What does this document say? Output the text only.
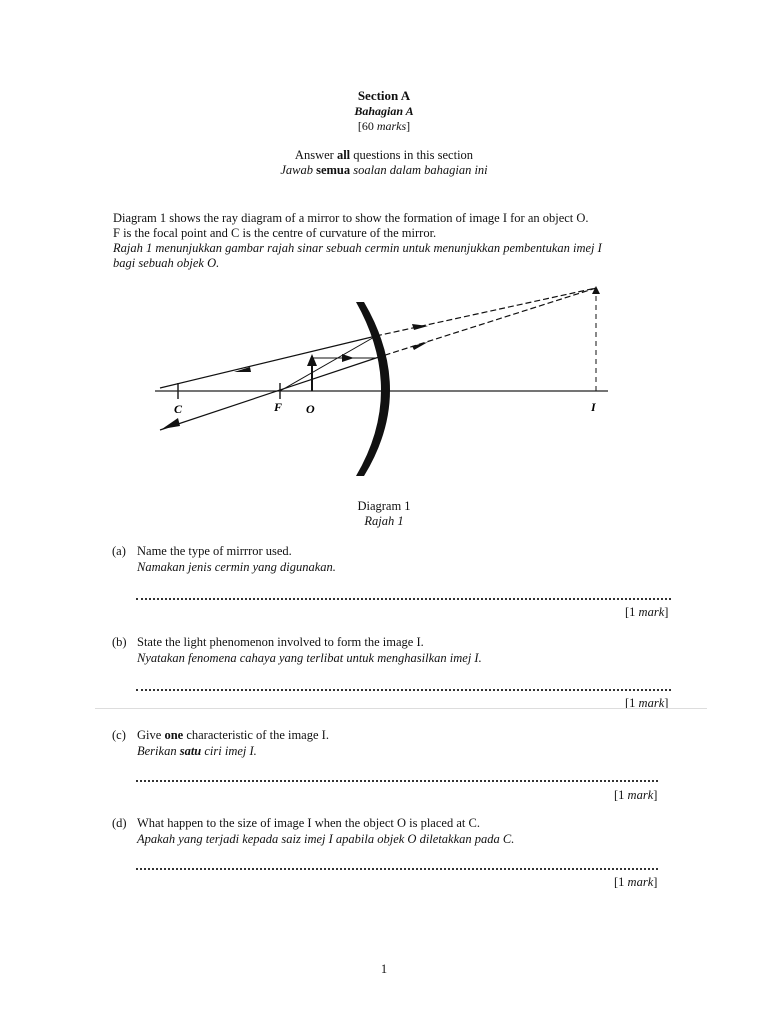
Section A
Bahagian A
[60 marks]
Answer all questions in this section
Jawab semua soalan dalam bahagian ini
Diagram 1 shows the ray diagram of a mirror to show the formation of image I for an object O.
F is the focal point and C is the centre of curvature of the mirror.
Rajah 1 menunjukkan gambar rajah sinar sebuah cermin untuk menunjukkan pembentukan imej I
bagi sebuah objek O.
C	F O	I
Diagram 1
Rajah 1
(a) Name the type of mirrror used.
Namakan jenis cermin yang digunakan.
[1 mark]
(b) State the light phenomenon involved to form the image I.
Nyatakan fenomena cahaya yang terlibat untuk menghasilkan imej I.
[1 mark]
(c) Give one characteristic of the image I.
Berikan satu ciri imej I.
[1 mark]
(d) What happen to the size of image I when the object O is placed at C.
Apakah yang terjadi kepada saiz imej I apabila objek O diletakkan pada C.
[1 mark]
1
